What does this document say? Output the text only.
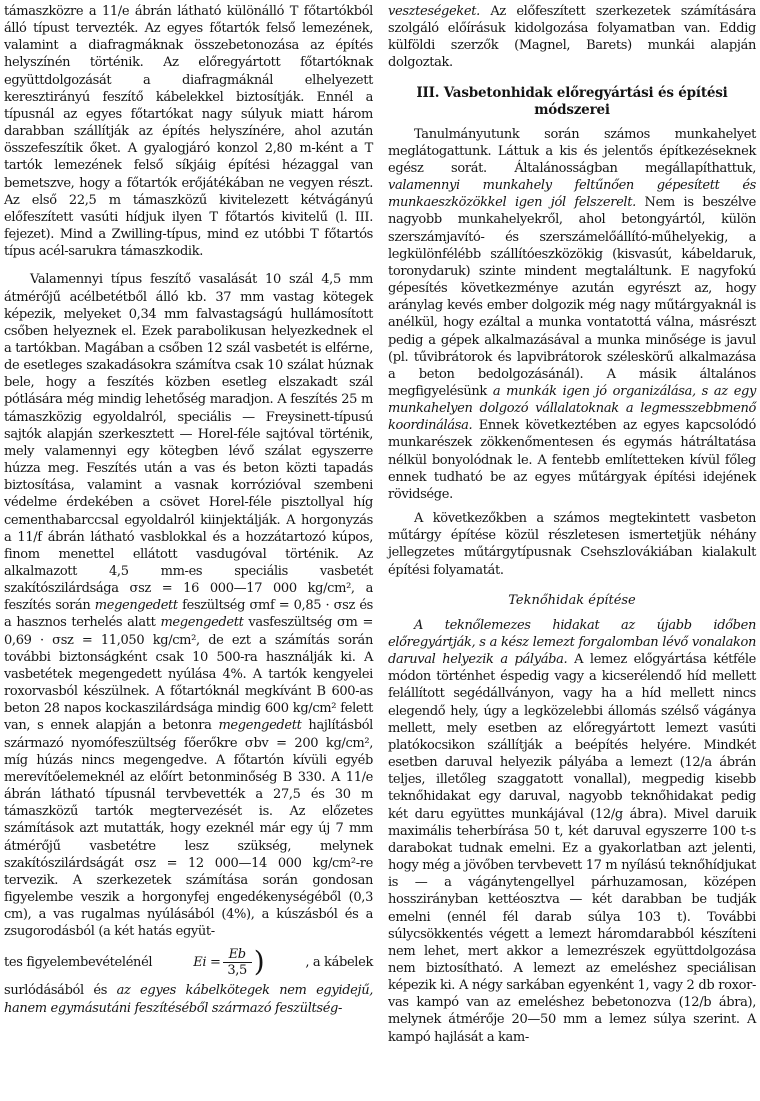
támaszközre a 11/e ábrán látható különálló T főtartókból álló típust tervezték. Az egyes főtartók felső lemezének, valamint a diafragmáknak összebetonozása az építés helyszínén történik. Az előregyártott főtartóknak együttdolgozását a diafragmáknál elhelyezett keresztirányú feszítő kábelekkel biztosítják. Ennél a típusnál az egyes főtartókat nagy súlyuk miatt három darabban szállítják az építés helyszínére, ahol azután összefeszítik őket. A gyalogjáró konzol 2,80 m-ként a T tartók lemezének felső síkjáig építési hézaggal van bemetszve, hogy a főtartók erőjátékában ne vegyen részt. Az első 22,5 m támaszközű kivitelezett kétvágányú előfeszített vasúti hídjuk ilyen T főtartós kivitelű (l. III. fejezet). Mind a Zwilling-típus, mind ez utóbbi T főtartós típus acél-sarukra támaszkodik.

Valamennyi típus feszítő vasalását 10 szál 4,5 mm átmérőjű acélbetétből álló kb. 37 mm vastag kötegek képezik, melyeket 0,34 mm falvastagságú hullámosított csőben helyeznek el. Ezek parabolikusan helyezkednek el a tartókban. Magában a csőben 12 szál vasbetét is elférne, de esetleges szakadásokra számítva csak 10 szálat húznak bele, hogy a feszítés közben esetleg elszakadt szál pótlására még mindig lehetőség maradjon. A feszítés 25 m támaszközig egyoldalról, speciális — Freysinett-típusú sajtók alapján szerkesztett — Horel-féle sajtóval történik, mely valamennyi egy kötegben lévő szálat egyszerre húzza meg. Feszítés után a vas és beton közti tapadás biztosítása, valamint a vasnak korrózióval szembeni védelme érdekében a csövet Horel-féle pisztollyal híg cementhabarccsal egyoldalról kiinjektálják. A horgonyzás a 11/f ábrán látható vasblokkal és a hozzátartozó kúpos, finom menettel ellátott vasdugóval történik. Az alkalmazott 4,5 mm-es speciális vasbetét szakítószilárdsága σsz = 16 000—17 000 kg/cm², a feszítés során megengedett feszültség σmf = 0,85 · σsz és a hasznos terhelés alatt megengedett vasfeszültség σm = 0,69 · σsz = 11,050 kg/cm², de ezt a számítás során további biztonságként csak 10 500-ra használják ki. A vasbetétek megengedett nyúlása 4%. A tartók kengyelei roxorvasból készülnek. A főtartóknál megkívánt B 600-as beton 28 napos kockaszilárdsága mindig 600 kg/cm² felett van, s ennek alapján a betonra megengedett hajlításból származó nyomófeszültség főerőkre σbv = 200 kg/cm², míg húzás nincs megengedve. A főtartón kívüli egyéb merevítőelemeknél az előírt betonminőség B 330. A 11/e ábrán látható típusnál tervbevették a 27,5 és 30 m támaszközű tartók megtervezését is. Az előzetes számítások azt mutatták, hogy ezeknél már egy új 7 mm átmérőjű vasbetétre lesz szükség, melynek szakítószilárdságát σsz = 12 000—14 000 kg/cm²-re tervezik. A szerkezetek számítása során gondosan figyelembe veszik a horgonyfej engedékenységéből (0,3 cm), a vas rugalmas nyúlásából (4%), a kúszásból és a zsugorodásból (a két hatás együt-

tes figyelembevételénél	$Ei = \frac{Eb}{3,5}$ )	, a kábelek

surlódásából és az egyes kábelkötegek nem egyidejű, hanem egymásutáni feszítéséből származó feszültség-

veszteségeket. Az előfeszített szerkezetek számítására szolgáló előírásuk kidolgozása folyamatban van. Eddig külföldi szerzők (Magnel, Barets) munkái alapján dolgoztak.

III. Vasbetonhidak előregyártási és építési módszerei

Tanulmányutunk során számos munkahelyet meglátogattunk. Láttuk a kis és jelentős építkezéseknek egész sorát. Általánosságban megállapíthattuk, valamennyi munkahely feltűnően gépesített és munkaeszközökkel igen jól felszerelt. Nem is beszélve nagyobb munkahelyekről, ahol betongyártól, külön szerszámjavító- és szerszámelőállító-műhelyekig, a legkülönfélébb szállítóeszközökig (kisvasút, kábeldaruk, toronydaruk) szinte mindent megtaláltunk. E nagyfokú gépesítés következménye azután egyrészt az, hogy aránylag kevés ember dolgozik még nagy műtárgyaknál is anélkül, hogy ezáltal a munka vontatottá válna, másrészt pedig a gépek alkalmazásával a munka minősége is javul (pl. tűvibrátorok és lapvibrátorok széleskörű alkalmazása a beton bedolgozásánál). A másik általános megfigyelésünk a munkák igen jó organizálása, s az egy munkahelyen dolgozó vállalatoknak a legmesszebbmenő koordinálása. Ennek következtében az egyes kapcsolódó munkarészek zökkenőmentesen és egymás hátráltatása nélkül bonyolódnak le. A fentebb említetteken kívül főleg ennek tudható be az egyes műtárgyak építési idejének rövidsége.

A következőkben a számos megtekintett vasbeton műtárgy építése közül részletesen ismertetjük néhány jellegzetes műtárgytípusnak Csehszlovákiában kialakult építési folyamatát.

Teknőhidak építése

A teknőlemezes hidakat az újabb időben előregyártják, s a kész lemezt forgalomban lévő vonalakon daruval helyezik a pályába. A lemez előgyártása kétféle módon történhet éspedig vagy a kicserélendő híd mellett felállított segédállványon, vagy ha a híd mellett nincs elegendő hely, úgy a legközelebbi állomás szélső vágánya mellett, mely esetben az előregyártott lemezt vasúti platókocsikon szállítják a beépítés helyére. Mindkét esetben daruval helyezik pályába a lemezt (12/a ábrán teljes, illetőleg szaggatott vonallal), megpedig kisebb teknőhidakat egy daruval, nagyobb teknőhidakat pedig két daru együttes munkájával (12/g ábra). Mivel daruik maximális teherbírása 50 t, két daruval egyszerre 100 t-s darabokat tudnak emelni. Ez a gyakorlatban azt jelenti, hogy még a jövőben tervbevett 17 m nyílású teknőhídjukat is — a vágánytengellyel párhuzamosan, középen hosszirányban kettéosztva — két darabban be tudják emelni (ennél fél darab súlya 103 t). További súlycsökkentés végett a lemezt háromdarabból készíteni nem lehet, mert akkor a lemezrészek együttdolgozása nem biztosítható. A lemezt az emeléshez speciálisan képezik ki. A négy sarkában egyenként 1, vagy 2 db roxor-vas kampó van az emeléshez bebetonozva (12/b ábra), melynek átmérője 20—50 mm a lemez súlya szerint. A kampó hajlását a kam-
